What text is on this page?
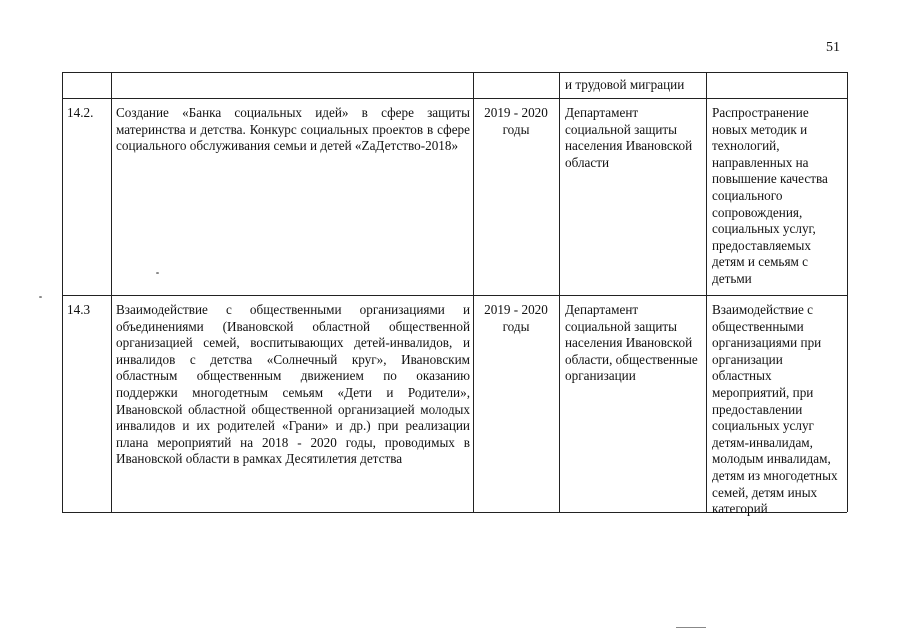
51
и трудовой миграции
14.2.	Создание «Банка социальных идей» в сфере защиты материнства и детства. Конкурс социальных проектов в сфере социального обслуживания семьи и детей «ZaДетство-2018»
2019 - 2020 годы
Департамент социальной защиты населения Ивановской области
Распространение новых методик и технологий, направленных на повышение качества социального сопровождения, социальных услуг, предоставляемых детям и семьям с детьми
14.3	Взаимодействие с общественными организациями и объединениями (Ивановской областной общественной организацией семей, воспитывающих детей-инвалидов, и инвалидов с детства «Солнечный круг», Ивановским областным общественным движением по оказанию поддержки многодетным семьям «Дети и Родители», Ивановской областной общественной организацией молодых инвалидов и их родителей «Грани» и др.) при реализации плана мероприятий на 2018 - 2020 годы, проводимых в Ивановской области в рамках Десятилетия детства
2019 - 2020 годы
Департамент социальной защиты населения Ивановской области, общественные организации
Взаимодействие с общественными организациями при организации областных мероприятий, при предоставлении социальных услуг детям-инвалидам, молодым инвалидам, детям из многодетных семей, детям иных категорий
